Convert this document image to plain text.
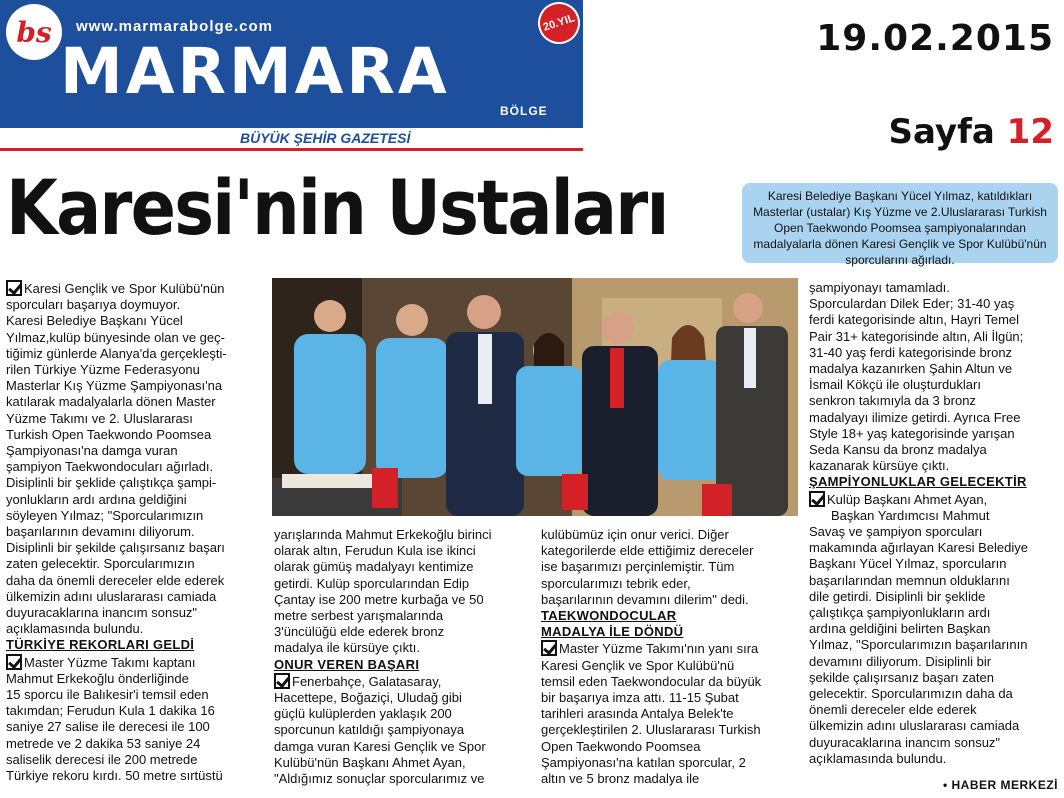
bs	www.marmarabolge.com
MARMARA
BÖLGE
20.YIL
BÜYÜK ŞEHİR GAZETESİ
19.02.2015
Sayfa 12
Karesi'nin Ustaları	Karesi Belediye Başkanı Yücel Yılmaz, katıldıkları Masterlar (ustalar) Kış Yüzme ve 2.Uluslararası Turkish Open Taekwondo Poomsea şampiyonalarından madalyalarla dönen Karesi Gençlik ve Spor Kulübü'nün sporcularını ağırladı.

Karesi Gençlik ve Spor Kulübü'nün

sporcuları başarıya doymuyor.

Karesi Belediye Başkanı Yücel

Yılmaz,kulüp bünyesinde olan ve geç-

tiğimiz günlerde Alanya'da gerçekleşti-

rilen Türkiye Yüzme Federasyonu

Masterlar Kış Yüzme Şampiyonası'na

katılarak madalyalarla dönen Master

Yüzme Takımı ve 2. Uluslararası

Turkish Open Taekwondo Poomsea

Şampiyonası'na damga vuran

şampiyon Taekwondocuları ağırladı.

Disiplinli bir şeklide çalıştıkça şampi-

yonlukların ardı ardına geldiğini

söyleyen Yılmaz; "Sporcularımızın

başarılarının devamını diliyorum.

Disiplinli bir şekilde çalışırsanız başarı

zaten gelecektir. Sporcularımızın

daha da önemli dereceler elde ederek

ülkemizin adını uluslararası camiada

duyuracaklarına inancım sonsuz"

açıklamasında bulundu.

TÜRKİYE REKORLARI GELDİ

Master Yüzme Takımı kaptanı

Mahmut Erkekoğlu önderliğinde

15 sporcu ile Balıkesir'i temsil eden

takımdan; Ferudun Kula 1 dakika 16

saniye 27 salise ile derecesi ile 100

metrede ve 2 dakika 53 saniye 24

saliselik derecesi ile 200 metrede

Türkiye rekoru kırdı. 50 metre sırtüstü

yarışlarında Mahmut Erkekoğlu birinci

olarak altın, Ferudun Kula ise ikinci

olarak gümüş madalyayı kentimize

getirdi. Kulüp sporcularından Edip

Çantay ise 200 metre kurbağa ve 50

metre serbest yarışmalarında

3'üncülüğü elde ederek bronz

madalya ile kürsüye çıktı.

ONUR VEREN BAŞARI

Fenerbahçe, Galatasaray,

Hacettepe, Boğaziçi, Uludağ gibi

güçlü kulüplerden yaklaşık 200

sporcunun katıldığı şampiyonaya

damga vuran Karesi Gençlik ve Spor

Kulübü'nün Başkanı Ahmet Ayan,

"Aldığımız sonuçlar sporcularımız ve

kulübümüz için onur verici. Diğer

kategorilerde elde ettiğimiz dereceler

ise başarımızı perçinlemiştir. Tüm

sporcularımızı tebrik eder,

başarılarının devamını dilerim" dedi.

TAEKWONDOCULAR

MADALYA İLE DÖNDÜ

Master Yüzme Takımı'nın yanı sıra

Karesi Gençlik ve Spor Kulübü'nü

temsil eden Taekwondocular da büyük

bir başarıya imza attı. 11-15 Şubat

tarihleri arasında Antalya Belek'te

gerçekleştirilen 2. Uluslararası Turkish

Open Taekwondo Poomsea

Şampiyonası'na katılan sporcular, 2

altın ve 5 bronz madalya ile

şampiyonayı tamamladı.

Sporculardan Dilek Eder; 31-40 yaş

ferdi kategorisinde altın, Hayri Temel

Pair 31+ kategorisinde altın, Ali İlgün;

31-40 yaş ferdi kategorisinde bronz

madalya kazanırken Şahin Altun ve

İsmail Kökçü ile oluşturdukları

senkron takımıyla da 3 bronz

madalyayı ilimize getirdi. Ayrıca Free

Style 18+ yaş kategorisinde yarışan

Seda Kansu da bronz madalya

kazanarak kürsüye çıktı.

ŞAMPİYONLUKLAR GELECEKTİR

Kulüp Başkanı Ahmet Ayan,

Başkan Yardımcısı Mahmut

Savaş ve şampiyon sporcuları

makamında ağırlayan Karesi Belediye

Başkanı Yücel Yılmaz, sporcuların

başarılarından memnun olduklarını

dile getirdi. Disiplinli bir şeklide

çalıştıkça şampiyonlukların ardı

ardına geldiğini belirten Başkan

Yılmaz, "Sporcularımızın başarılarının

devamını diliyorum. Disiplinli bir

şekilde çalışırsanız başarı zaten

gelecektir. Sporcularımızın daha da

önemli dereceler elde ederek

ülkemizin adını uluslararası camiada

duyuracaklarına inancım sonsuz"

açıklamasında bulundu.

• HABER MERKEZİ
